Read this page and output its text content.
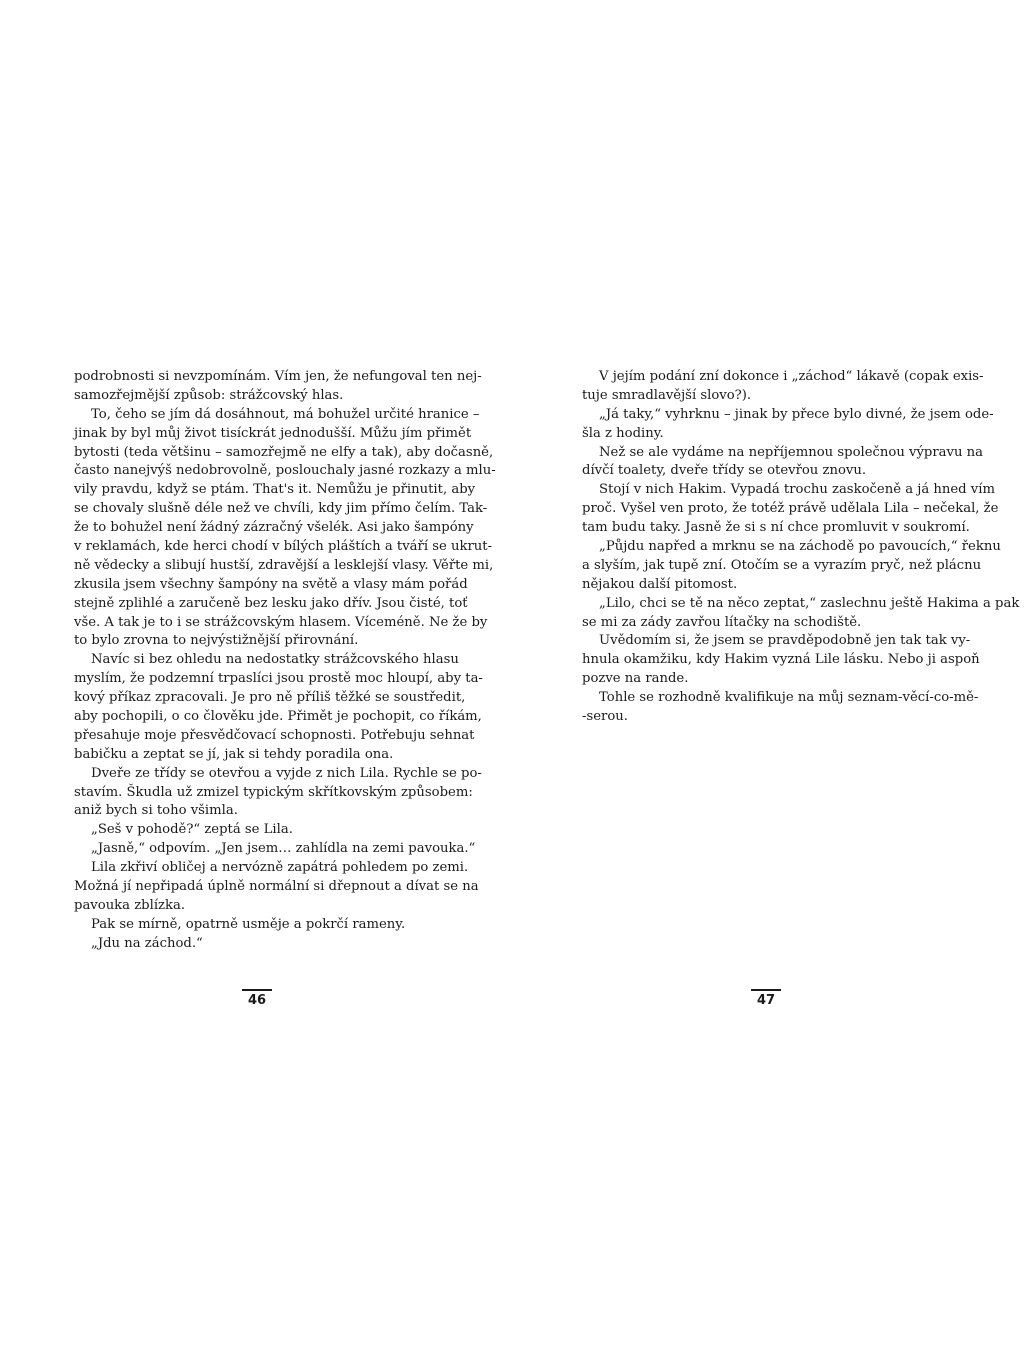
podrobnosti si nevzpomínám. Vím jen, že nefungoval ten nej-
samozřejmější způsob: strážcovský hlas.
To, čeho se jím dá dosáhnout, má bohužel určité hranice –
jinak by byl můj život tisíckrát jednodušší. Můžu jím přimět
bytosti (teda většinu – samozřejmě ne elfy a tak), aby dočasně,
často nanejvýš nedobrovolně, poslouchaly jasné rozkazy a mlu-
vily pravdu, když se ptám. That's it. Nemůžu je přinutit, aby
se chovaly slušně déle než ve chvíli, kdy jim přímo čelím. Tak-
že to bohužel není žádný zázračný všelék. Asi jako šampóny
v reklamách, kde herci chodí v bílých pláštích a tváří se ukrut-
ně vědecky a slibují hustší, zdravější a lesklejší vlasy. Věřte mi,
zkusila jsem všechny šampóny na světě a vlasy mám pořád
stejně zplihlé a zaručeně bez lesku jako dřív. Jsou čisté, toť
vše. A tak je to i se strážcovským hlasem. Víceméně. Ne že by
to bylo zrovna to nejvýstižnější přirovnání.
Navíc si bez ohledu na nedostatky strážcovského hlasu
myslím, že podzemní trpaslíci jsou prostě moc hloupí, aby ta-
kový příkaz zpracovali. Je pro ně příliš těžké se soustředit,
aby pochopili, o co člověku jde. Přimět je pochopit, co říkám,
přesahuje moje přesvědčovací schopnosti. Potřebuju sehnat
babičku a zeptat se jí, jak si tehdy poradila ona.
Dveře ze třídy se otevřou a vyjde z nich Lila. Rychle se po-
stavím. Škudla už zmizel typickým skřítkovským způsobem:
aniž bych si toho všimla.
„Seš v pohodě?“ zeptá se Lila.
„Jasně,“ odpovím. „Jen jsem… zahlídla na zemi pavouka.“
Lila zkřiví obličej a nervózně zapátrá pohledem po zemi.
Možná jí nepřipadá úplně normální si dřepnout a dívat se na
pavouka zblízka.
Pak se mírně, opatrně usměje a pokrčí rameny.
„Jdu na záchod.“
46
V jejím podání zní dokonce i „záchod“ lákavě (copak exis-
tuje smradlavější slovo?).
„Já taky,“ vyhrknu – jinak by přece bylo divné, že jsem ode-
šla z hodiny.
Než se ale vydáme na nepříjemnou společnou výpravu na
dívčí toalety, dveře třídy se otevřou znovu.
Stojí v nich Hakim. Vypadá trochu zaskočeně a já hned vím
proč. Vyšel ven proto, že totéž právě udělala Lila – nečekal, že
tam budu taky. Jasně že si s ní chce promluvit v soukromí.
„Půjdu napřed a mrknu se na záchodě po pavoucích,“ řeknu
a slyším, jak tupě zní. Otočím se a vyrazím pryč, než plácnu
nějakou další pitomost.
„Lilo, chci se tě na něco zeptat,“ zaslechnu ještě Hakima a pak
se mi za zády zavřou lítačky na schodiště.
Uvědomím si, že jsem se pravděpodobně jen tak tak vy-
hnula okamžiku, kdy Hakim vyzná Lile lásku. Nebo ji aspoň
pozve na rande.
Tohle se rozhodně kvalifikuje na můj seznam-věcí-co-mě-
-serou.
47
